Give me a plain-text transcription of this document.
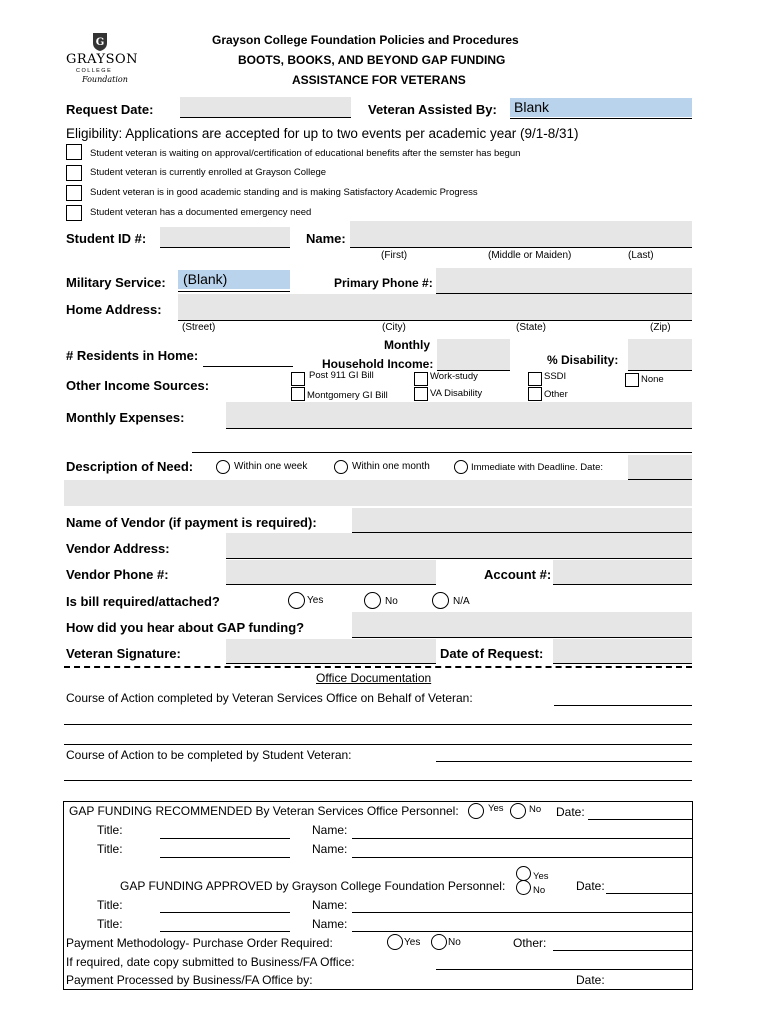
G
GRAYSON
C O L L E G E
Foundation
Grayson College Foundation Policies and Procedures
BOOTS, BOOKS, AND BEYOND GAP FUNDING
ASSISTANCE FOR VETERANS
Request Date:	Veteran Assisted By: Blank
Eligibility: Applications are accepted for up to two events per academic year (9/1-8/31)
Student veteran is waiting on approval/certification of educational benefits after the semster has begun
Student veteran is currently enrolled at Grayson College
Sudent veteran is in good academic standing and is making Satisfactory Academic Progress
Student veteran has a documented emergency need
Student ID #:	Name:
(First)	(Middle or Maiden)	(Last)
Military Service: (Blank)	Primary Phone #:
Home Address:
(Street)	(City)	(State)	(Zip)
# Residents in Home:
Monthly
Household Income:	% Disability:
Other Income Sources:
Post 911 GI Bill
Montgomery GI Bill
Work-study
VA Disability
SSDI
Other
None
Monthly Expenses:
Description of Need:	Within one week	Within one month	Immediate with Deadline. Date:
Name of Vendor (if payment is required):
Vendor Address:
Vendor Phone #:	Account #:
Is bill required/attached?	Yes	No	N/A
How did you hear about GAP funding?
Veteran Signature:	Date of Request:
Office Documentation
Course of Action completed by Veteran Services Office on Behalf of Veteran:
Course of Action to be completed by Student Veteran:
GAP FUNDING RECOMMENDED By Veteran Services Office Personnel:	Yes	No Date:
Title:	Name:
Title:	Name:
Yes
No
GAP FUNDING APPROVED by Grayson College Foundation Personnel:	Date:
Title:	Name:
Title:	Name:
Payment Methodology- Purchase Order Required:	Yes	No	Other:
If required, date copy submitted to Business/FA Office:
Payment Processed by Business/FA Office by:	Date:
